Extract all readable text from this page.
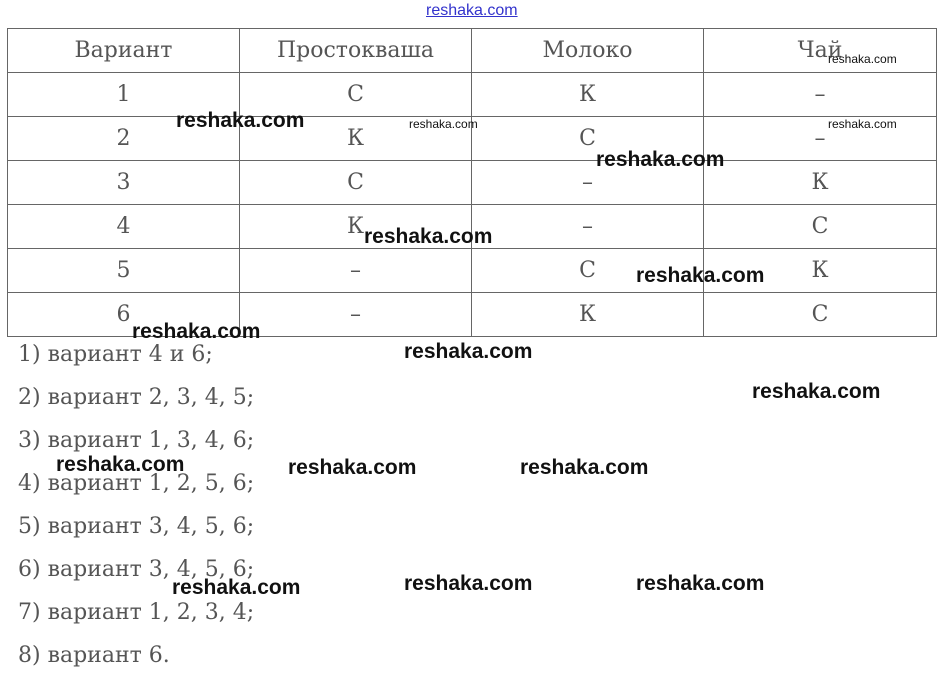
reshaka.com
Вариант	Простокваша	Молоко	Чай
1	С	К	–
2	К	С	–
3	С	–	К
4	К	–	С
5	–	С	К
6	–	К	С
1) вариант 4 и 6;
2) вариант 2, 3, 4, 5;
3) вариант 1, 3, 4, 6;
4) вариант 1, 2, 5, 6;
5) вариант 3, 4, 5, 6;
6) вариант 3, 4, 5, 6;
7) вариант 1, 2, 3, 4;
8) вариант 6.
reshaka.com
reshaka.com	reshaka.com	reshaka.com
reshaka.com
reshaka.com
reshaka.com
reshaka.com
reshaka.com
reshaka.com
reshaka.com	reshaka.com	reshaka.com
reshaka.com	reshaka.com
reshaka.com
